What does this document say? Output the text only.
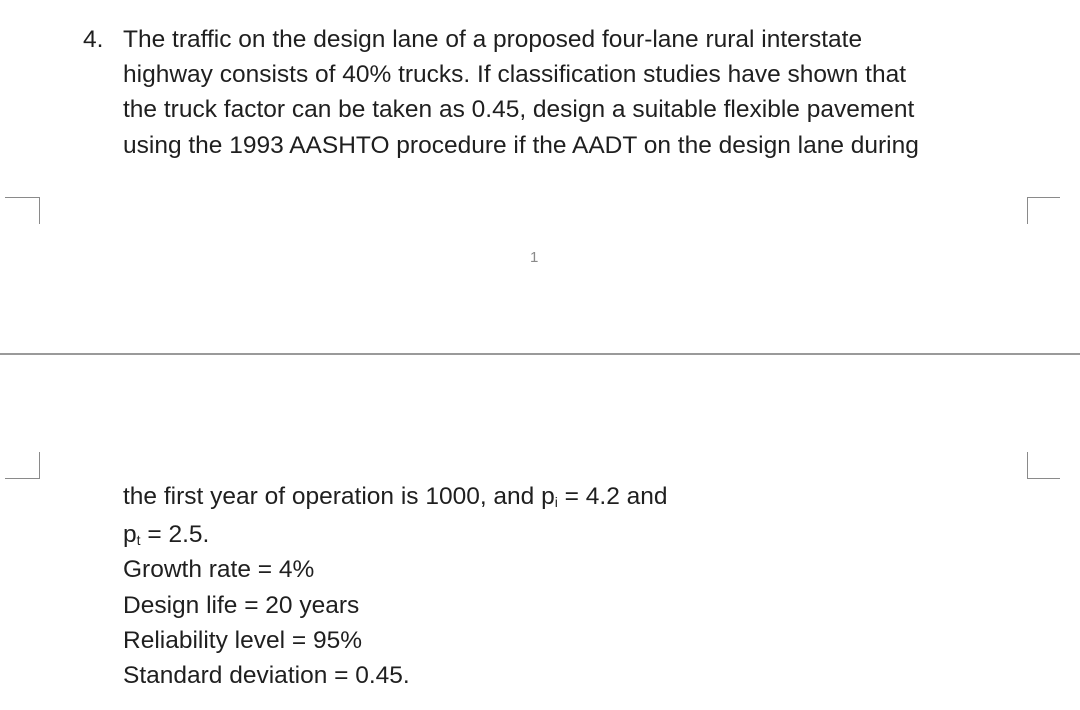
4. The traffic on the design lane of a proposed four-lane rural interstate
highway consists of 40% trucks. If classification studies have shown that
the truck factor can be taken as 0.45, design a suitable flexible pavement
using the 1993 AASHTO procedure if the AADT on the design lane during
1
the first year of operation is 1000, and $p_i = 4.2$ and
$p_t = 2.5$.
Growth rate = 4%
Design life = 20 years
Reliability level = 95%
Standard deviation = 0.45.
